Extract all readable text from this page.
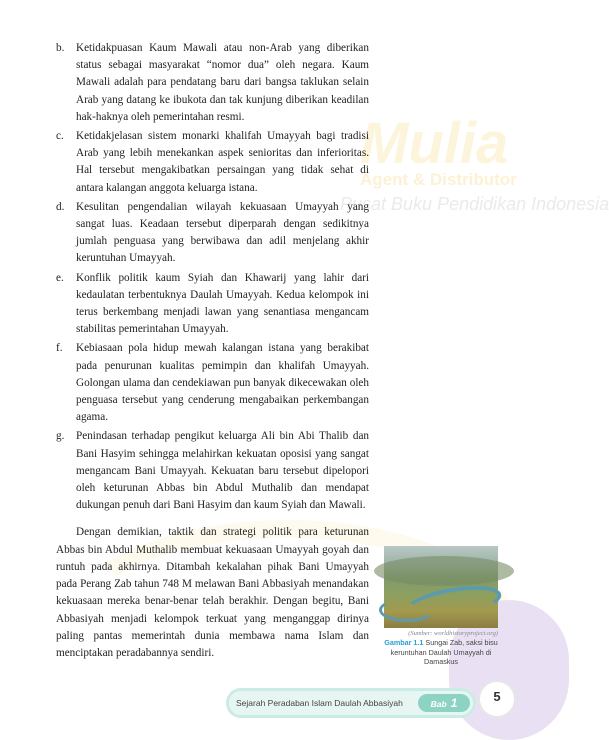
Mulia
Agent & Distributor
Pusat Buku Pendidikan Indonesia
b. Ketidakpuasan Kaum Mawali atau non-Arab yang diberikan status sebagai masyarakat “nomor dua” oleh negara. Kaum Mawali adalah para pendatang baru dari bangsa taklukan selain Arab yang datang ke ibukota dan tak kunjung diberikan keadilan hak-haknya oleh pemerintahan resmi.
c. Ketidakjelasan sistem monarki khalifah Umayyah bagi tradisi Arab yang lebih menekankan aspek senioritas dan inferioritas. Hal tersebut mengakibatkan persaingan yang tidak sehat di antara kalangan anggota keluarga istana.
d. Kesulitan pengendalian wilayah kekuasaan Umayyah yang sangat luas. Keadaan tersebut diperparah dengan sedikitnya jumlah penguasa yang berwibawa dan adil menjelang akhir keruntuhan Umayyah.
e. Konflik politik kaum Syiah dan Khawarij yang lahir dari kedaulatan terbentuknya Daulah Umayyah. Kedua kelompok ini terus berkembang menjadi lawan yang senantiasa mengancam stabilitas pemerintahan Umayyah.
f. Kebiasaan pola hidup mewah kalangan istana yang berakibat pada penurunan kualitas pemimpin dan khalifah Umayyah. Golongan ulama dan cendekiawan pun banyak dikecewakan oleh penguasa tersebut yang cenderung mengabaikan perkembangan agama.
g. Penindasan terhadap pengikut keluarga Ali bin Abi Thalib dan Bani Hasyim sehingga melahirkan kekuatan oposisi yang sangat mengancam Bani Umayyah. Kekuatan baru tersebut dipelopori oleh keturunan Abbas bin Abdul Muthalib dan mendapat dukungan penuh dari Bani Hasyim dan kaum Syiah dan Mawali.
Dengan demikian, taktik dan strategi politik para keturunan Abbas bin Abdul Muthalib membuat kekuasaan Umayyah goyah dan runtuh pada akhirnya. Ditambah kekalahan pihak Bani Umayyah pada Perang Zab tahun 748 M melawan Bani Abbasiyah menandakan kekuasaan mereka benar-benar telah berakhir. Dengan begitu, Bani Abbasiyah menjadi kelompok terkuat yang menganggap dirinya paling pantas memerintah dunia membawa nama Islam dan menciptakan peradabannya sendiri.
(Sumber: worldhistoryproject.org)
Gambar 1.1 Sungai Zab, saksi bisu keruntuhan Daulah Umayyah di Damaskus
Sejarah Peradaban Islam Daulah Abbasiyah	Bab 1	5
